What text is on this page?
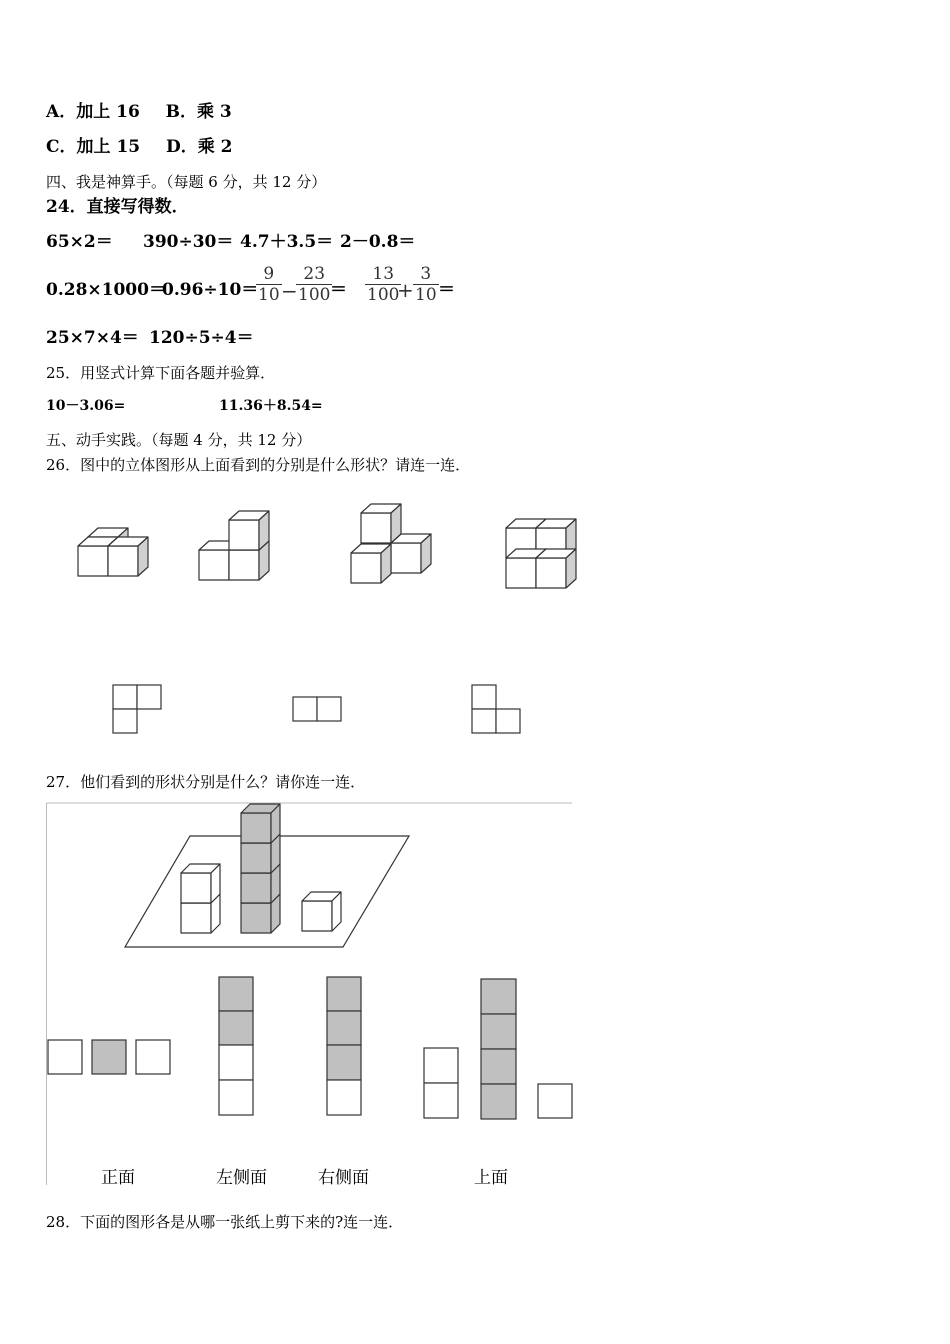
A．加上 16 B．乘 3
C．加上 15 D．乘 2
四、我是神算手。（每题 6 分，共 12 分）
24．直接写得数．
65×2＝ 390÷30＝ 4.7＋3.5＝ 2－0.8＝
0.28×1000＝
0.96÷10＝
$\frac{9}{10}$ −
$\frac{23}{100}$
＝ $\frac{13}{100}$
+ $\frac{3}{10}$ ＝
25×7×4＝ 120÷5÷4＝
25．用竖式计算下面各题并验算．
10－3.06=	11.36＋8.54=
五、动手实践。（每题 4 分，共 12 分）
26．图中的立体图形从上面看到的分别是什么形状？请连一连．
27．他们看到的形状分别是什么？请你连一连．
正面	左侧面	右侧面	上面
28．下面的图形各是从哪一张纸上剪下来的?连一连．
